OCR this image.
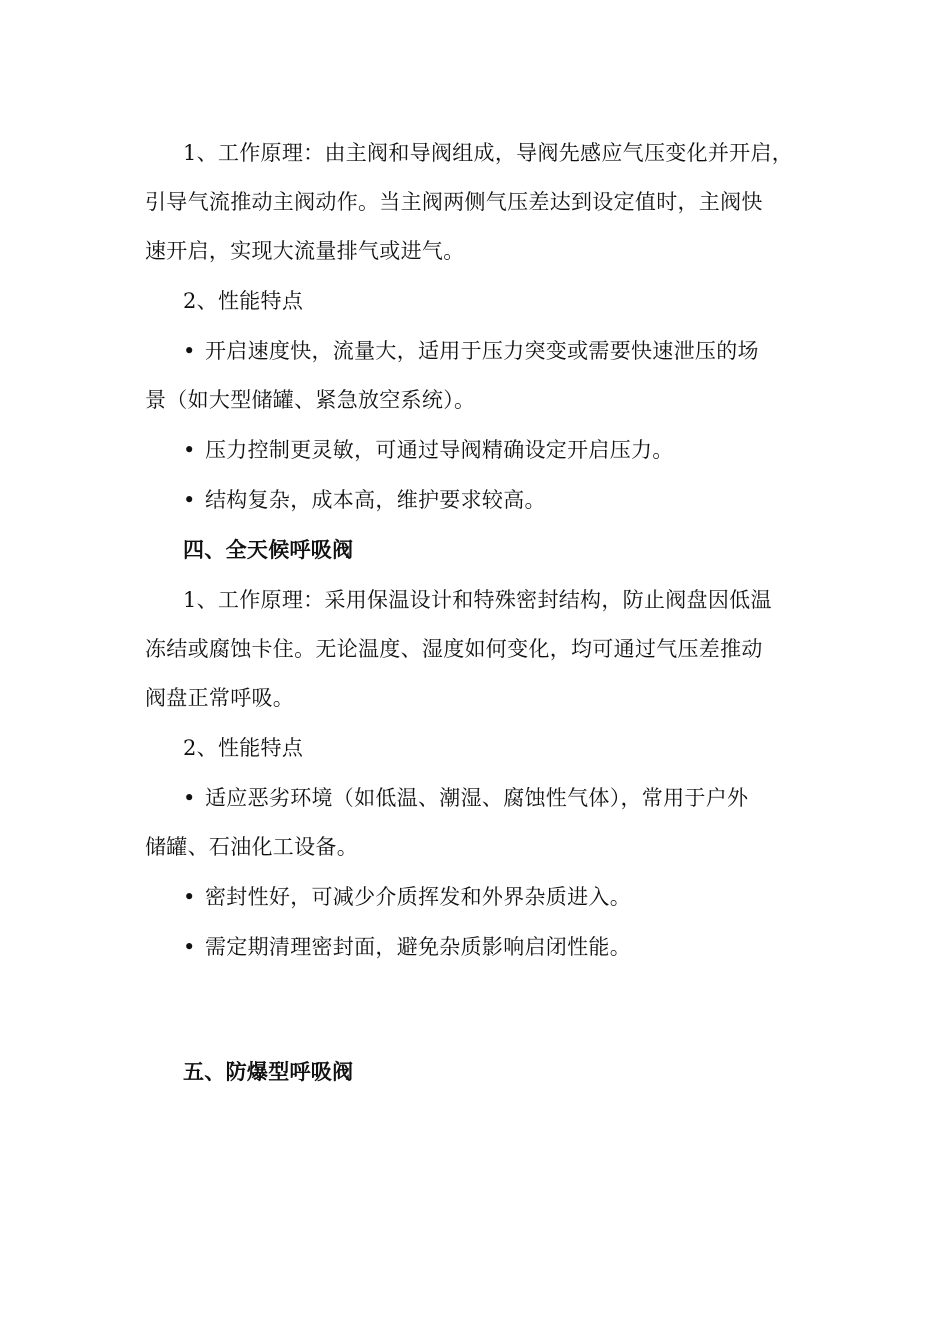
1、工作原理：由主阀和导阀组成，导阀先感应气压变化并开启，
引导气流推动主阀动作。当主阀两侧气压差达到设定值时，主阀快
速开启，实现大流量排气或进气。
2、性能特点
• 开启速度快，流量大，适用于压力突变或需要快速泄压的场
景（如大型储罐、紧急放空系统）。
• 压力控制更灵敏，可通过导阀精确设定开启压力。
• 结构复杂，成本高，维护要求较高。
四、全天候呼吸阀
1、工作原理：采用保温设计和特殊密封结构，防止阀盘因低温
冻结或腐蚀卡住。无论温度、湿度如何变化，均可通过气压差推动
阀盘正常呼吸。
2、性能特点
• 适应恶劣环境（如低温、潮湿、腐蚀性气体），常用于户外
储罐、石油化工设备。
• 密封性好，可减少介质挥发和外界杂质进入。
• 需定期清理密封面，避免杂质影响启闭性能。
五、防爆型呼吸阀
